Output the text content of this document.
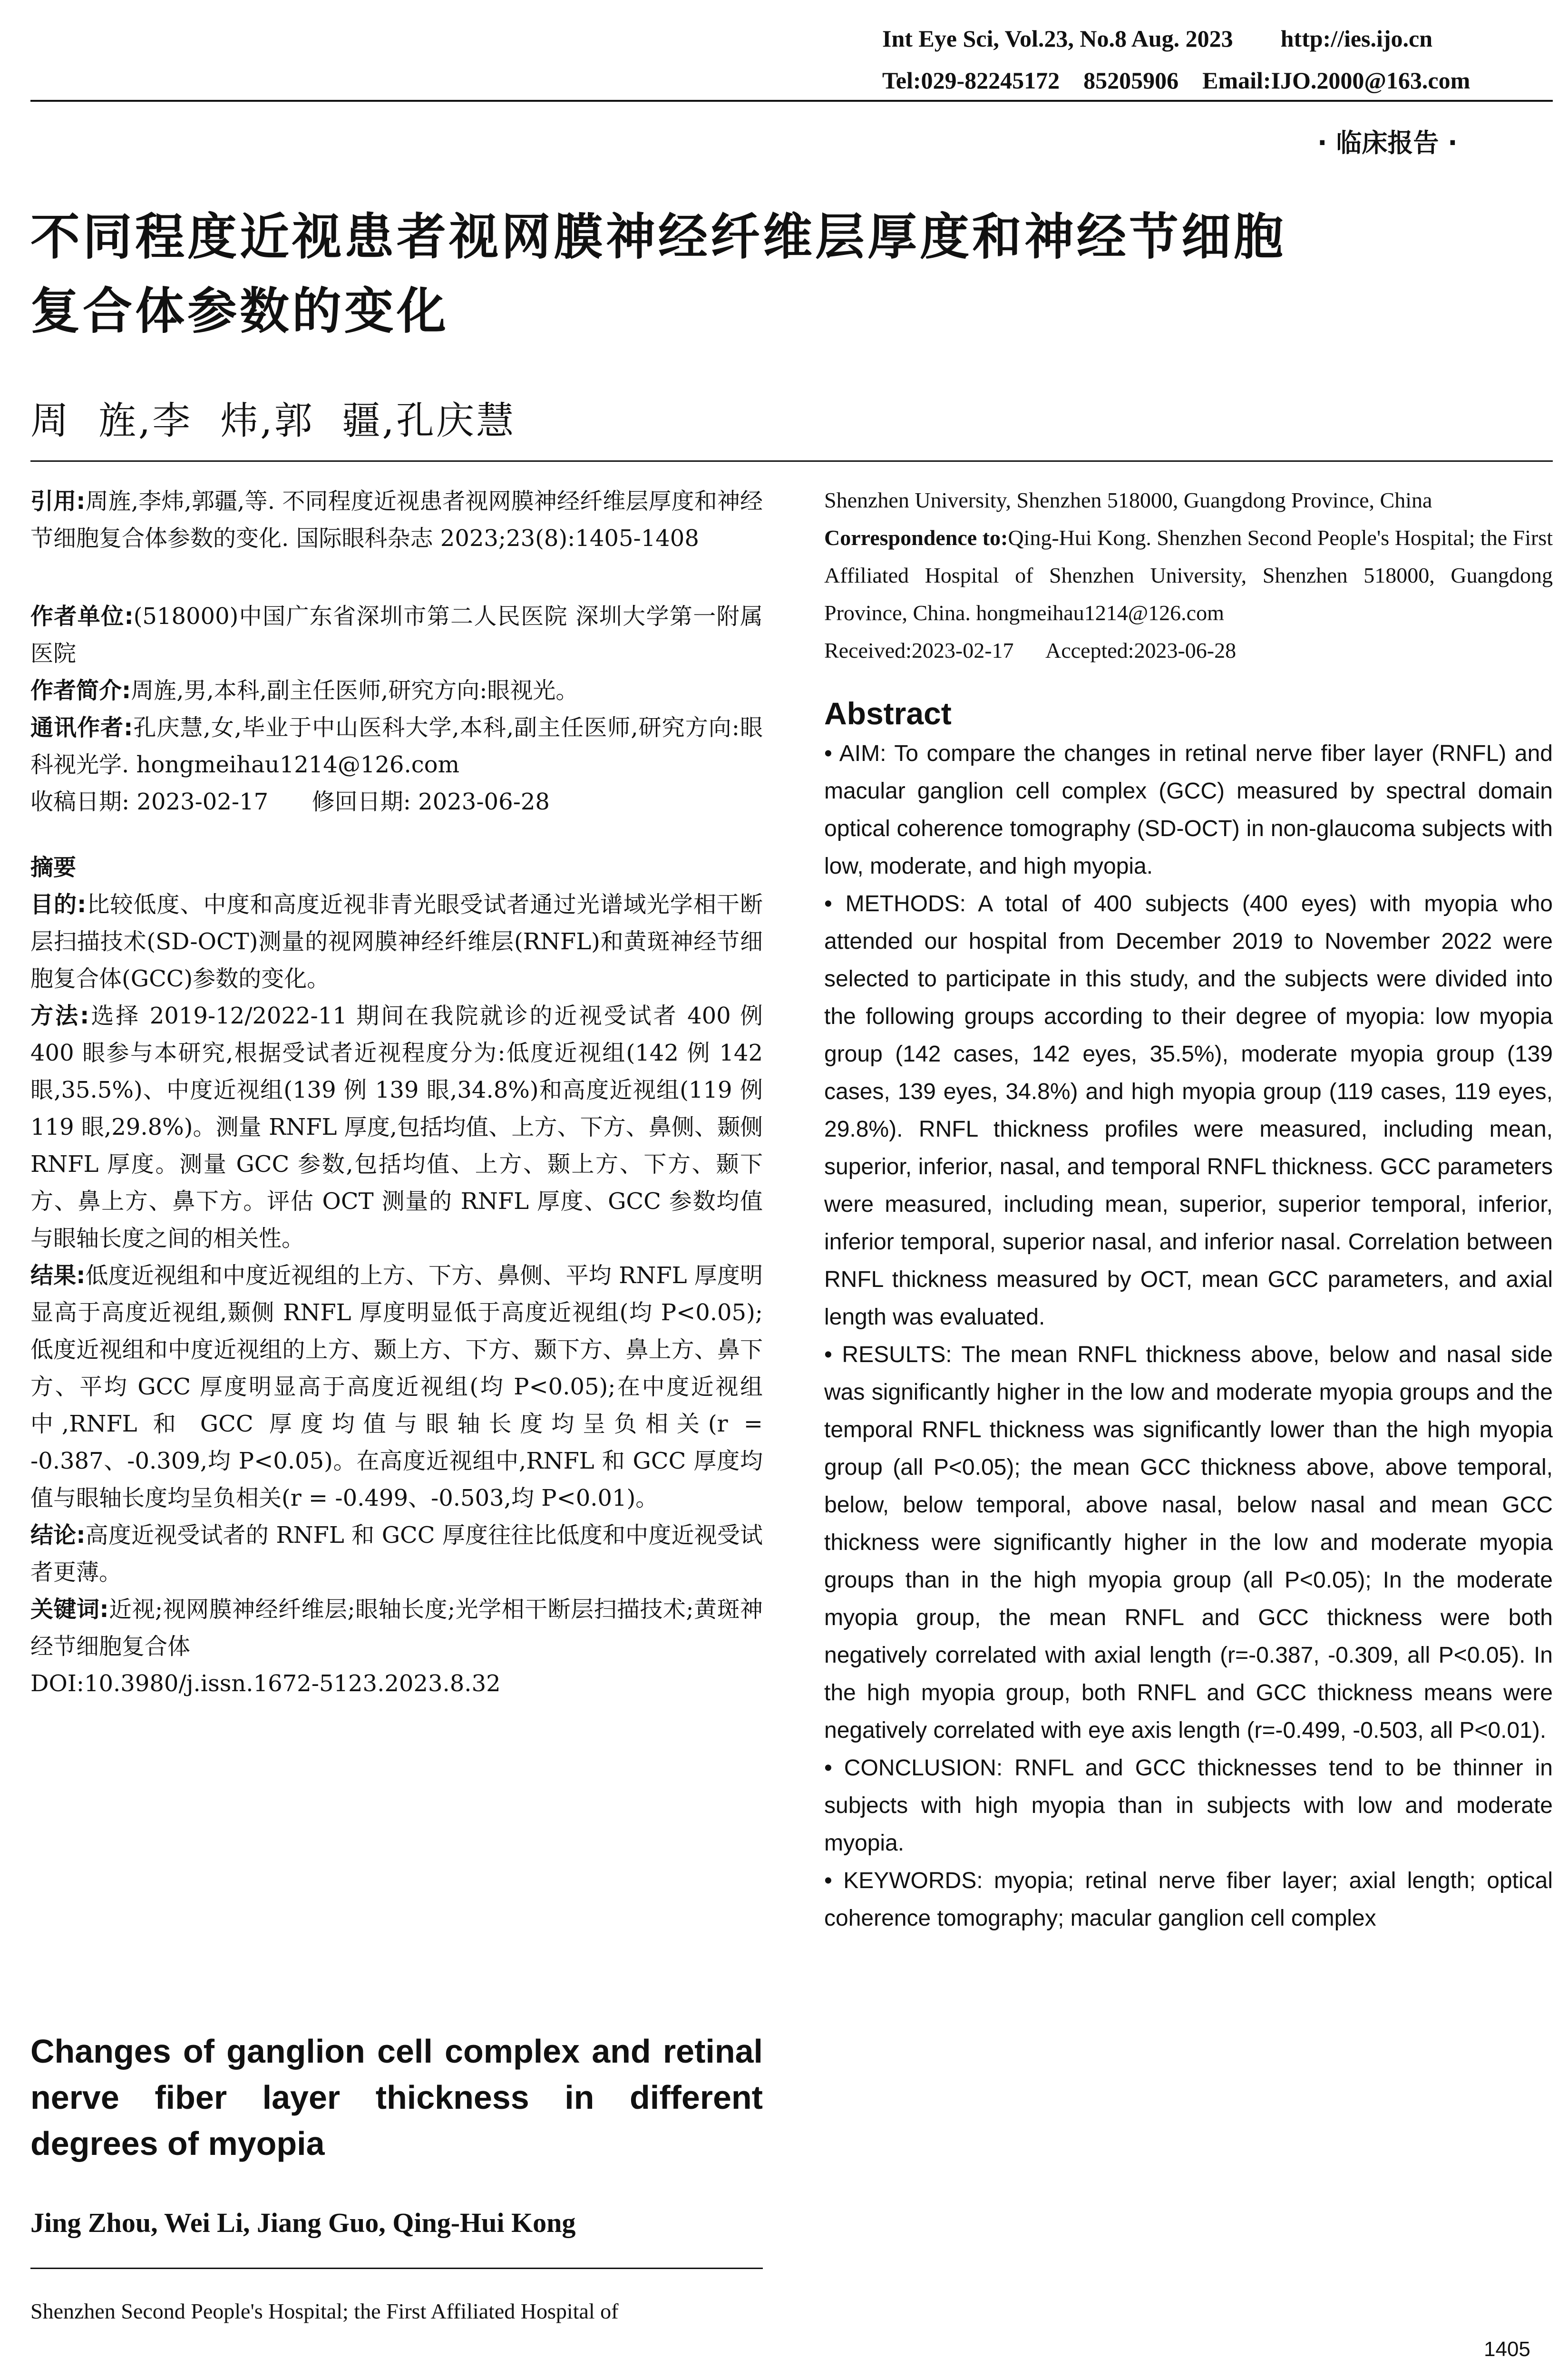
Int Eye Sci, Vol.23, No.8 Aug. 2023        http://ies.ijo.cn
Tel:029-82245172    85205906    Email:IJO.2000@163.com
· 临床报告 ·
不同程度近视患者视网膜神经纤维层厚度和神经节细胞
复合体参数的变化
周  旌,李  炜,郭  疆,孔庆慧

引用:周旌,李炜,郭疆,等. 不同程度近视患者视网膜神经纤维层厚度和神经节细胞复合体参数的变化. 国际眼科杂志 2023;23(8):1405-1408

作者单位:(518000)中国广东省深圳市第二人民医院 深圳大学第一附属医院

作者简介:周旌,男,本科,副主任医师,研究方向:眼视光。

通讯作者:孔庆慧,女,毕业于中山医科大学,本科,副主任医师,研究方向:眼科视光学. hongmeihau1214@126.com

收稿日期: 2023-02-17      修回日期: 2023-06-28

摘要

目的:比较低度、中度和高度近视非青光眼受试者通过光谱域光学相干断层扫描技术(SD-OCT)测量的视网膜神经纤维层(RNFL)和黄斑神经节细胞复合体(GCC)参数的变化。

方法:选择 2019-12/2022-11 期间在我院就诊的近视受试者 400 例 400 眼参与本研究,根据受试者近视程度分为:低度近视组(142 例 142 眼,35.5%)、中度近视组(139 例 139 眼,34.8%)和高度近视组(119 例 119 眼,29.8%)。测量 RNFL 厚度,包括均值、上方、下方、鼻侧、颞侧 RNFL 厚度。测量 GCC 参数,包括均值、上方、颞上方、下方、颞下方、鼻上方、鼻下方。评估 OCT 测量的 RNFL 厚度、GCC 参数均值与眼轴长度之间的相关性。

结果:低度近视组和中度近视组的上方、下方、鼻侧、平均 RNFL 厚度明显高于高度近视组,颞侧 RNFL 厚度明显低于高度近视组(均 P<0.05);低度近视组和中度近视组的上方、颞上方、下方、颞下方、鼻上方、鼻下方、平均 GCC 厚度明显高于高度近视组(均 P<0.05);在中度近视组中,RNFL 和 GCC 厚度均值与眼轴长度均呈负相关(r = -0.387、-0.309,均 P<0.05)。在高度近视组中,RNFL 和 GCC 厚度均值与眼轴长度均呈负相关(r = -0.499、-0.503,均 P<0.01)。

结论:高度近视受试者的 RNFL 和 GCC 厚度往往比低度和中度近视受试者更薄。

关键词:近视;视网膜神经纤维层;眼轴长度;光学相干断层扫描技术;黄斑神经节细胞复合体

DOI:10.3980/j.issn.1672-5123.2023.8.32

Changes of ganglion cell complex and retinal nerve fiber layer thickness in different degrees of myopia
Jing Zhou, Wei Li, Jiang Guo, Qing-Hui Kong
Shenzhen Second People's Hospital; the First Affiliated Hospital of
Shenzhen University, Shenzhen 518000, Guangdong Province, China
Correspondence to:Qing-Hui Kong. Shenzhen Second People's Hospital; the First Affiliated Hospital of Shenzhen University, Shenzhen 518000, Guangdong Province, China. hongmeihau1214@126.com
Received:2023-02-17      Accepted:2023-06-28
Abstract

• AIM: To compare the changes in retinal nerve fiber layer (RNFL) and macular ganglion cell complex (GCC) measured by spectral domain optical coherence tomography (SD-OCT) in non-glaucoma subjects with low, moderate, and high myopia.

• METHODS: A total of 400 subjects (400 eyes) with myopia who attended our hospital from December 2019 to November 2022 were selected to participate in this study, and the subjects were divided into the following groups according to their degree of myopia: low myopia group (142 cases, 142 eyes, 35.5%), moderate myopia group (139 cases, 139 eyes, 34.8%) and high myopia group (119 cases, 119 eyes, 29.8%). RNFL thickness profiles were measured, including mean, superior, inferior, nasal, and temporal RNFL thickness. GCC parameters were measured, including mean, superior, superior temporal, inferior, inferior temporal, superior nasal, and inferior nasal. Correlation between RNFL thickness measured by OCT, mean GCC parameters, and axial length was evaluated.

• RESULTS: The mean RNFL thickness above, below and nasal side was significantly higher in the low and moderate myopia groups and the temporal RNFL thickness was significantly lower than the high myopia group (all P<0.05); the mean GCC thickness above, above temporal, below, below temporal, above nasal, below nasal and mean GCC thickness were significantly higher in the low and moderate myopia groups than in the high myopia group (all P<0.05); In the moderate myopia group, the mean RNFL and GCC thickness were both negatively correlated with axial length (r=-0.387, -0.309, all P<0.05). In the high myopia group, both RNFL and GCC thickness means were negatively correlated with eye axis length (r=-0.499, -0.503, all P<0.01).

• CONCLUSION: RNFL and GCC thicknesses tend to be thinner in subjects with high myopia than in subjects with low and moderate myopia.

• KEYWORDS: myopia; retinal nerve fiber layer; axial length; optical coherence tomography; macular ganglion cell complex

1405
